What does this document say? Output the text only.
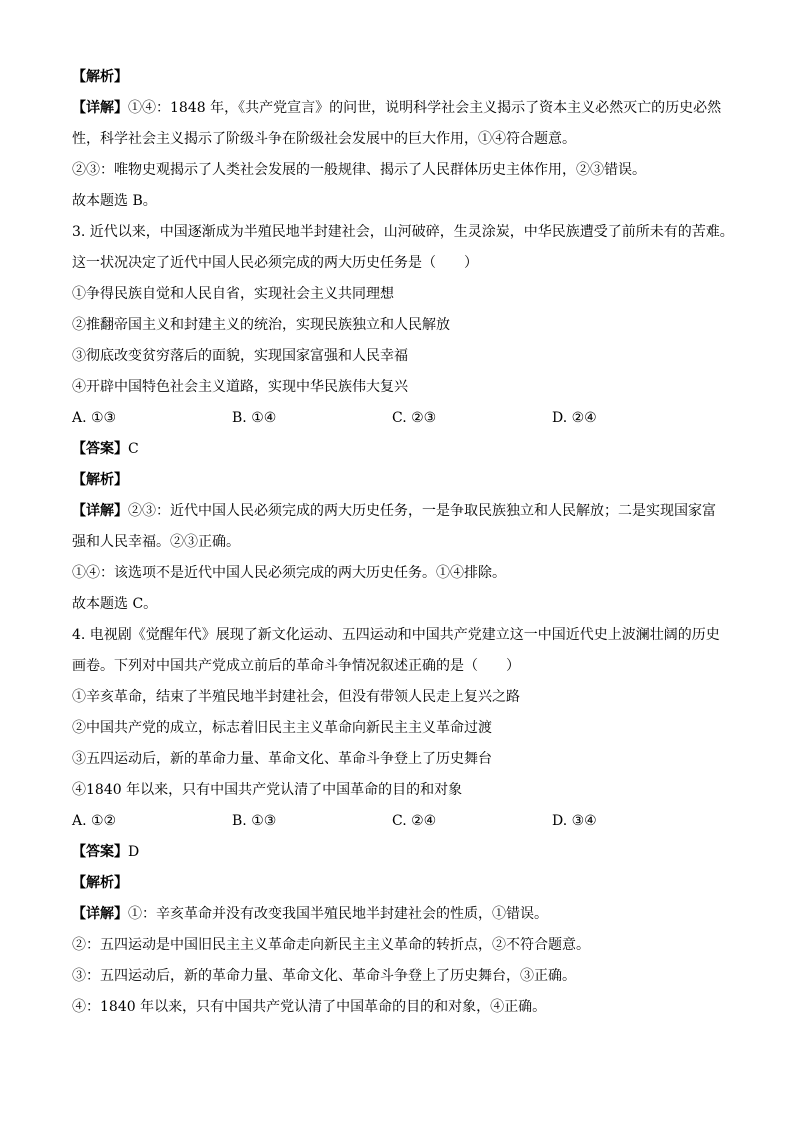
【解析】
【详解】①④：1848 年，《共产党宣言》的问世，说明科学社会主义揭示了资本主义必然灭亡的历史必然
性，科学社会主义揭示了阶级斗争在阶级社会发展中的巨大作用，①④符合题意。
②③：唯物史观揭示了人类社会发展的一般规律、揭示了人民群体历史主体作用，②③错误。
故本题选 B。
3. 近代以来，中国逐渐成为半殖民地半封建社会，山河破碎，生灵涂炭，中华民族遭受了前所未有的苦难。
这一状况决定了近代中国人民必须完成的两大历史任务是（　　）
①争得民族自觉和人民自省，实现社会主义共同理想
②推翻帝国主义和封建主义的统治，实现民族独立和人民解放
③彻底改变贫穷落后的面貌，实现国家富强和人民幸福
④开辟中国特色社会主义道路，实现中华民族伟大复兴
A. ①③	B. ①④	C. ②③	D. ②④
【答案】C
【解析】
【详解】②③：近代中国人民必须完成的两大历史任务，一是争取民族独立和人民解放；二是实现国家富
强和人民幸福。②③正确。
①④：该选项不是近代中国人民必须完成的两大历史任务。①④排除。
故本题选 C。
4. 电视剧《觉醒年代》展现了新文化运动、五四运动和中国共产党建立这一中国近代史上波澜壮阔的历史
画卷。下列对中国共产党成立前后的革命斗争情况叙述正确的是（　　）
①辛亥革命，结束了半殖民地半封建社会，但没有带领人民走上复兴之路
②中国共产党的成立，标志着旧民主主义革命向新民主主义革命过渡
③五四运动后，新的革命力量、革命文化、革命斗争登上了历史舞台
④1840 年以来，只有中国共产党认清了中国革命的目的和对象
A. ①②	B. ①③	C. ②④	D. ③④
【答案】D
【解析】
【详解】①：辛亥革命并没有改变我国半殖民地半封建社会的性质，①错误。
②：五四运动是中国旧民主主义革命走向新民主主义革命的转折点，②不符合题意。
③：五四运动后，新的革命力量、革命文化、革命斗争登上了历史舞台，③正确。
④：1840 年以来，只有中国共产党认清了中国革命的目的和对象，④正确。
